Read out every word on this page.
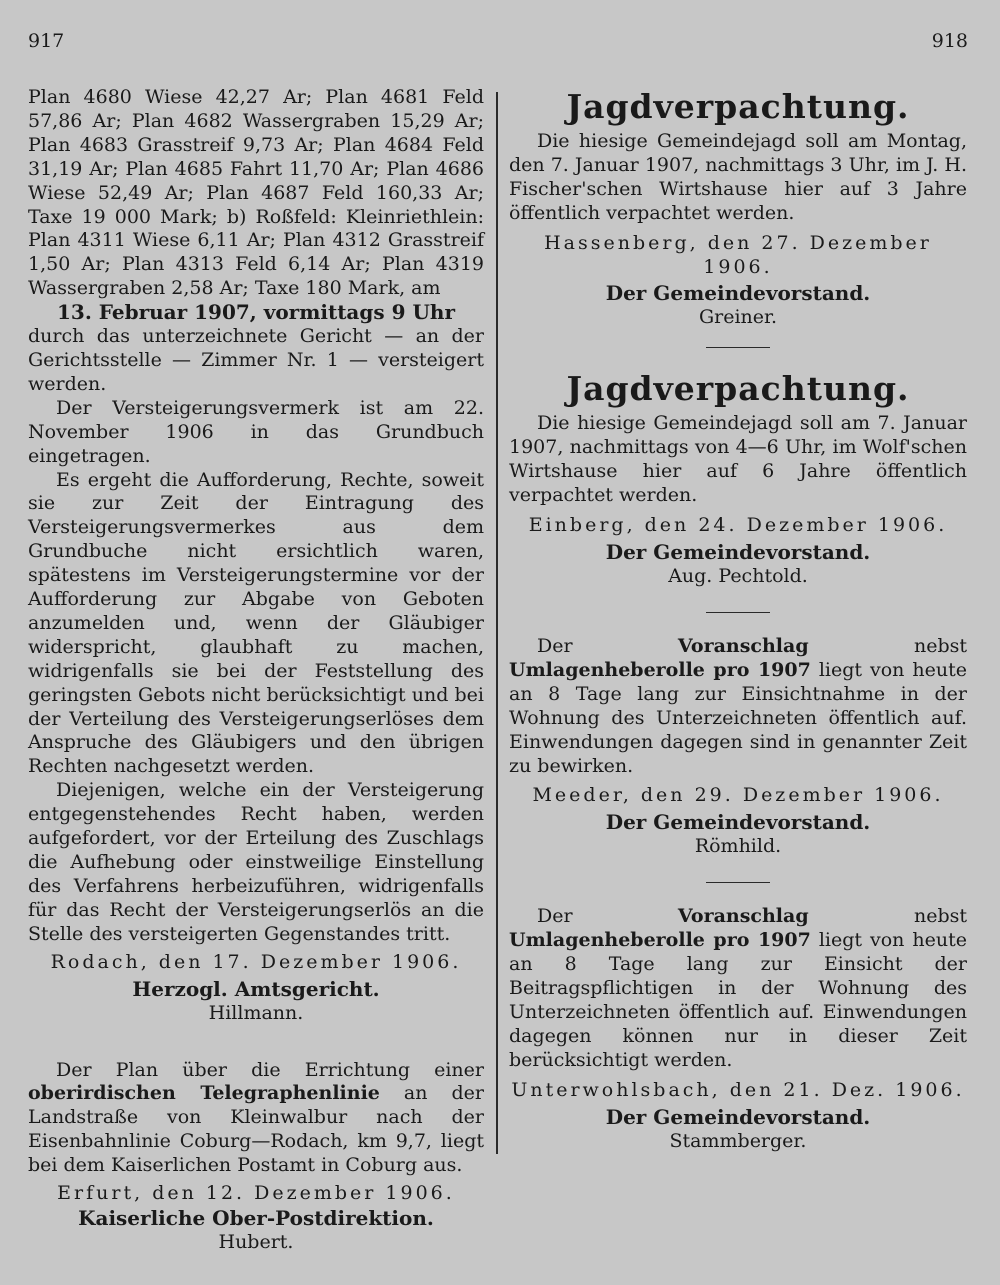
917	918

Plan 4680 Wiese 42,27 Ar; Plan 4681 Feld 57,86 Ar; Plan 4682 Wassergraben 15,29 Ar; Plan 4683 Grasstreif 9,73 Ar; Plan 4684 Feld 31,19 Ar; Plan 4685 Fahrt 11,70 Ar; Plan 4686 Wiese 52,49 Ar; Plan 4687 Feld 160,33 Ar; Taxe 19 000 Mark; b) Roßfeld: Kleinriethlein: Plan 4311 Wiese 6,11 Ar; Plan 4312 Grasstreif 1,50 Ar; Plan 4313 Feld 6,14 Ar; Plan 4319 Wassergraben 2,58 Ar; Taxe 180 Mark, am

13. Februar 1907, vormittags 9 Uhr

durch das unterzeichnete Gericht — an der Gerichtsstelle — Zimmer Nr. 1 — versteigert werden.

Der Versteigerungsvermerk ist am 22. November 1906 in das Grundbuch eingetragen.

Es ergeht die Aufforderung, Rechte, soweit sie zur Zeit der Eintragung des Versteigerungsvermerkes aus dem Grundbuche nicht ersichtlich waren, spätestens im Versteigerungstermine vor der Aufforderung zur Abgabe von Geboten anzumelden und, wenn der Gläubiger widerspricht, glaubhaft zu machen, widrigenfalls sie bei der Feststellung des geringsten Gebots nicht berücksichtigt und bei der Verteilung des Versteigerungserlöses dem Anspruche des Gläubigers und den übrigen Rechten nachgesetzt werden.

Diejenigen, welche ein der Versteigerung entgegenstehendes Recht haben, werden aufgefordert, vor der Erteilung des Zuschlags die Aufhebung oder einstweilige Einstellung des Verfahrens herbeizuführen, widrigenfalls für das Recht der Versteigerungserlös an die Stelle des versteigerten Gegenstandes tritt.

Rodach, den 17. Dezember 1906.

Herzogl. Amtsgericht.
Hillmann.

Der Plan über die Errichtung einer oberirdischen Telegraphenlinie an der Landstraße von Kleinwalbur nach der Eisenbahnlinie Coburg—Rodach, km 9,7, liegt bei dem Kaiserlichen Postamt in Coburg aus.

Erfurt, den 12. Dezember 1906.

Kaiserliche Ober-Postdirektion.
Hubert.
Jagdverpachtung.

Die hiesige Gemeindejagd soll am Montag, den 7. Januar 1907, nachmittags 3 Uhr, im J. H. Fischer'schen Wirtshause hier auf 3 Jahre öffentlich verpachtet werden.

Hassenberg, den 27. Dezember 1906.

Der Gemeindevorstand.
Greiner.
Jagdverpachtung.

Die hiesige Gemeindejagd soll am 7. Januar 1907, nachmittags von 4—6 Uhr, im Wolf'schen Wirtshause hier auf 6 Jahre öffentlich verpachtet werden.

Einberg, den 24. Dezember 1906.

Der Gemeindevorstand.
Aug. Pechtold.

Der	Voranschlag	nebst Umlagenheberolle pro 1907 liegt von heute an 8 Tage lang zur Einsichtnahme in der Wohnung des Unterzeichneten öffentlich auf. Einwendungen dagegen sind in genannter Zeit zu bewirken.

Meeder, den 29. Dezember 1906.

Der Gemeindevorstand.
Römhild.

Der	Voranschlag	nebst Umlagenheberolle pro 1907 liegt von heute an 8 Tage lang zur Einsicht der Beitragspflichtigen in der Wohnung des Unterzeichneten öffentlich auf. Einwendungen dagegen können nur in dieser Zeit berücksichtigt werden.

Unterwohlsbach, den 21. Dez. 1906.

Der Gemeindevorstand.
Stammberger.
